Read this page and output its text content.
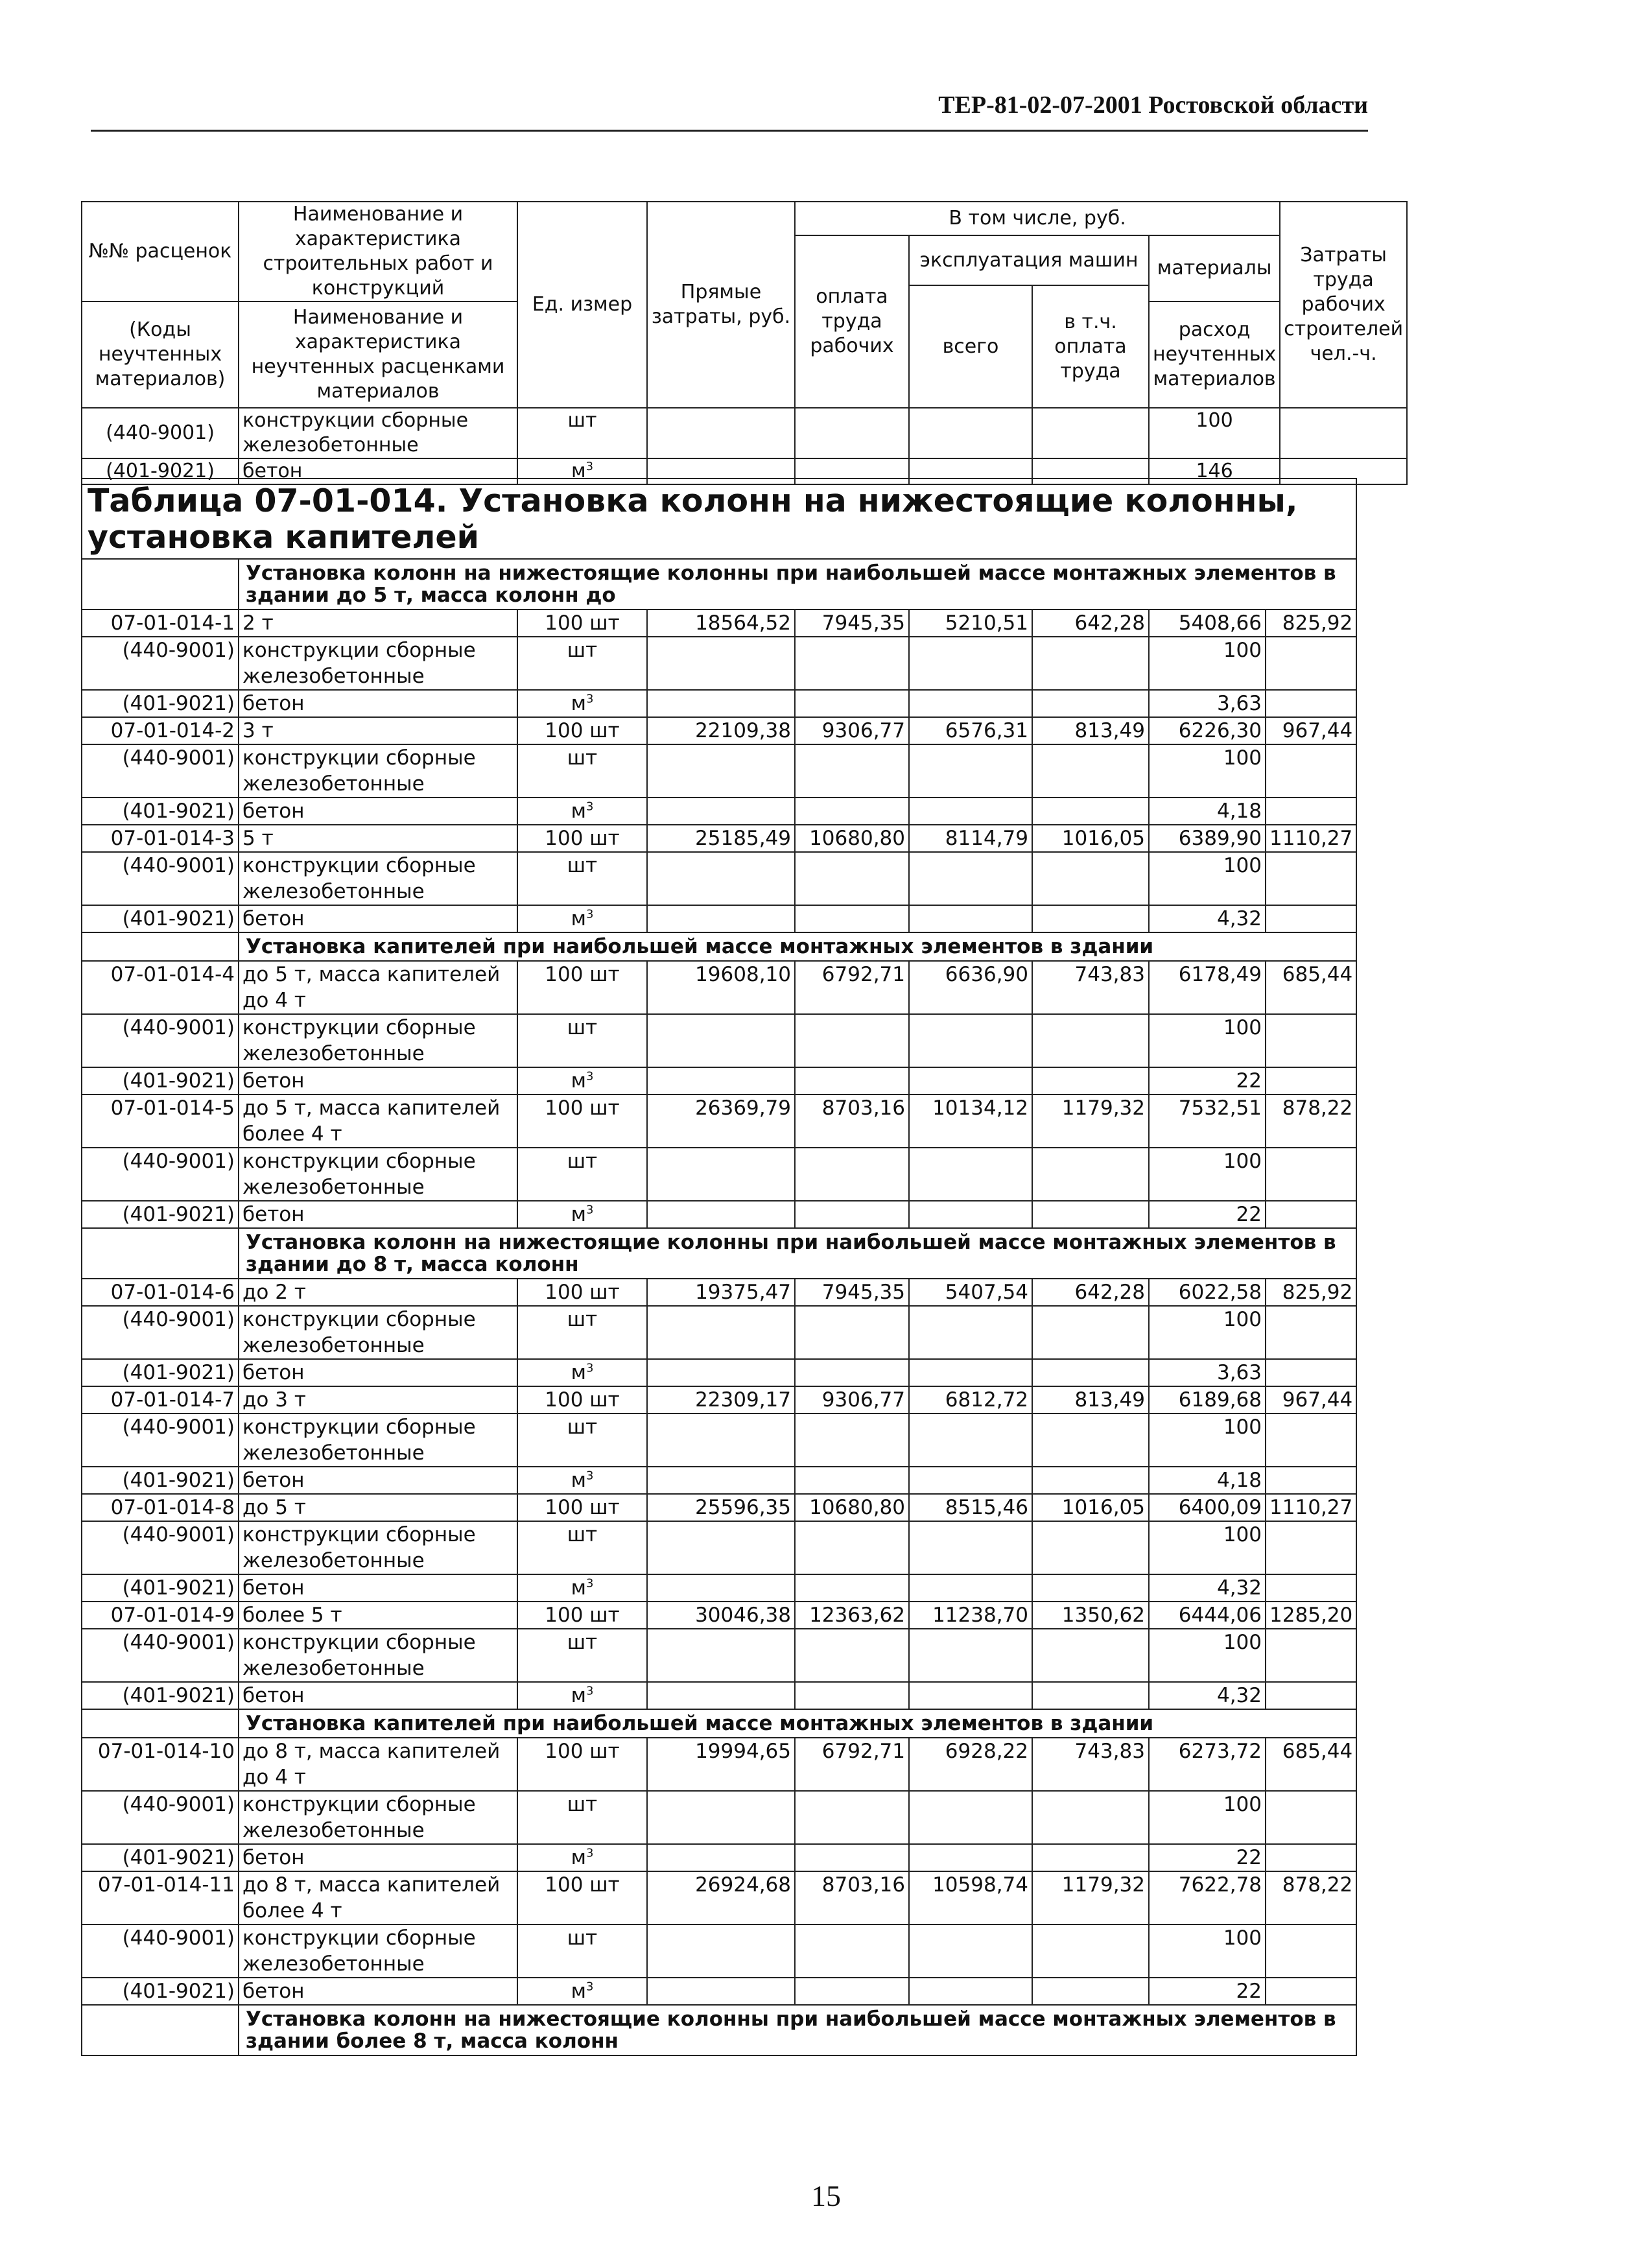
ТЕР-81-02-07-2001 Ростовской области
№№ расценок	Наименование и характеристика строительных работ и конструкций	Ед. измер	Прямые затраты, руб.	В том числе, руб.				Затраты труда рабочих строителей чел.-ч.
				оплата труда рабочих	эксплуатация машин		материалы	
					всего	в т.ч. оплата труда		
(Коды неучтенных материалов)	Наименование и характеристика неучтенных расценками материалов						расход неучтенных материалов	

(440-9001)	конструкции сборные железобетонные	шт					100	
(401-9021)	бетон	$м^3$					146	
Таблица 07-01-014. Установка колонн на нижестоящие колонны, установка капителей								
	Установка колонн на нижестоящие колонны при наибольшей массе монтажных элементов в здании до 5 т, масса колонн до							
07-01-014-1	2 т	100 шт	18564,52	7945,35	5210,51	642,28	5408,66	825,92
(440-9001)	конструкции сборные железобетонные	шт					100	
(401-9021)	бетон	$м^3$					3,63	
07-01-014-2	3 т	100 шт	22109,38	9306,77	6576,31	813,49	6226,30	967,44
(440-9001)	конструкции сборные железобетонные	шт					100	
(401-9021)	бетон	$м^3$					4,18	
07-01-014-3	5 т	100 шт	25185,49	10680,80	8114,79	1016,05	6389,90	1110,27
(440-9001)	конструкции сборные железобетонные	шт					100	
(401-9021)	бетон	$м^3$					4,32	
	Установка капителей при наибольшей массе монтажных элементов в здании							
07-01-014-4	до 5 т, масса капителей до 4 т	100 шт	19608,10	6792,71	6636,90	743,83	6178,49	685,44
(440-9001)	конструкции сборные железобетонные	шт					100	
(401-9021)	бетон	$м^3$					22	
07-01-014-5	до 5 т, масса капителей более 4 т	100 шт	26369,79	8703,16	10134,12	1179,32	7532,51	878,22
(440-9001)	конструкции сборные железобетонные	шт					100	
(401-9021)	бетон	$м^3$					22	
	Установка колонн на нижестоящие колонны при наибольшей массе монтажных элементов в здании до 8 т, масса колонн							
07-01-014-6	до 2 т	100 шт	19375,47	7945,35	5407,54	642,28	6022,58	825,92
(440-9001)	конструкции сборные железобетонные	шт					100	
(401-9021)	бетон	$м^3$					3,63	
07-01-014-7	до 3 т	100 шт	22309,17	9306,77	6812,72	813,49	6189,68	967,44
(440-9001)	конструкции сборные железобетонные	шт					100	
(401-9021)	бетон	$м^3$					4,18	
07-01-014-8	до 5 т	100 шт	25596,35	10680,80	8515,46	1016,05	6400,09	1110,27
(440-9001)	конструкции сборные железобетонные	шт					100	
(401-9021)	бетон	$м^3$					4,32	
07-01-014-9	более 5 т	100 шт	30046,38	12363,62	11238,70	1350,62	6444,06	1285,20
(440-9001)	конструкции сборные железобетонные	шт					100	
(401-9021)	бетон	$м^3$					4,32	
	Установка капителей при наибольшей массе монтажных элементов в здании							
07-01-014-10	до 8 т, масса капителей до 4 т	100 шт	19994,65	6792,71	6928,22	743,83	6273,72	685,44
(440-9001)	конструкции сборные железобетонные	шт					100	
(401-9021)	бетон	$м^3$					22	
07-01-014-11	до 8 т, масса капителей более 4 т	100 шт	26924,68	8703,16	10598,74	1179,32	7622,78	878,22
(440-9001)	конструкции сборные железобетонные	шт					100	
(401-9021)	бетон	$м^3$					22	
	Установка колонн на нижестоящие колонны при наибольшей массе монтажных элементов в здании более 8 т, масса колонн							
15
